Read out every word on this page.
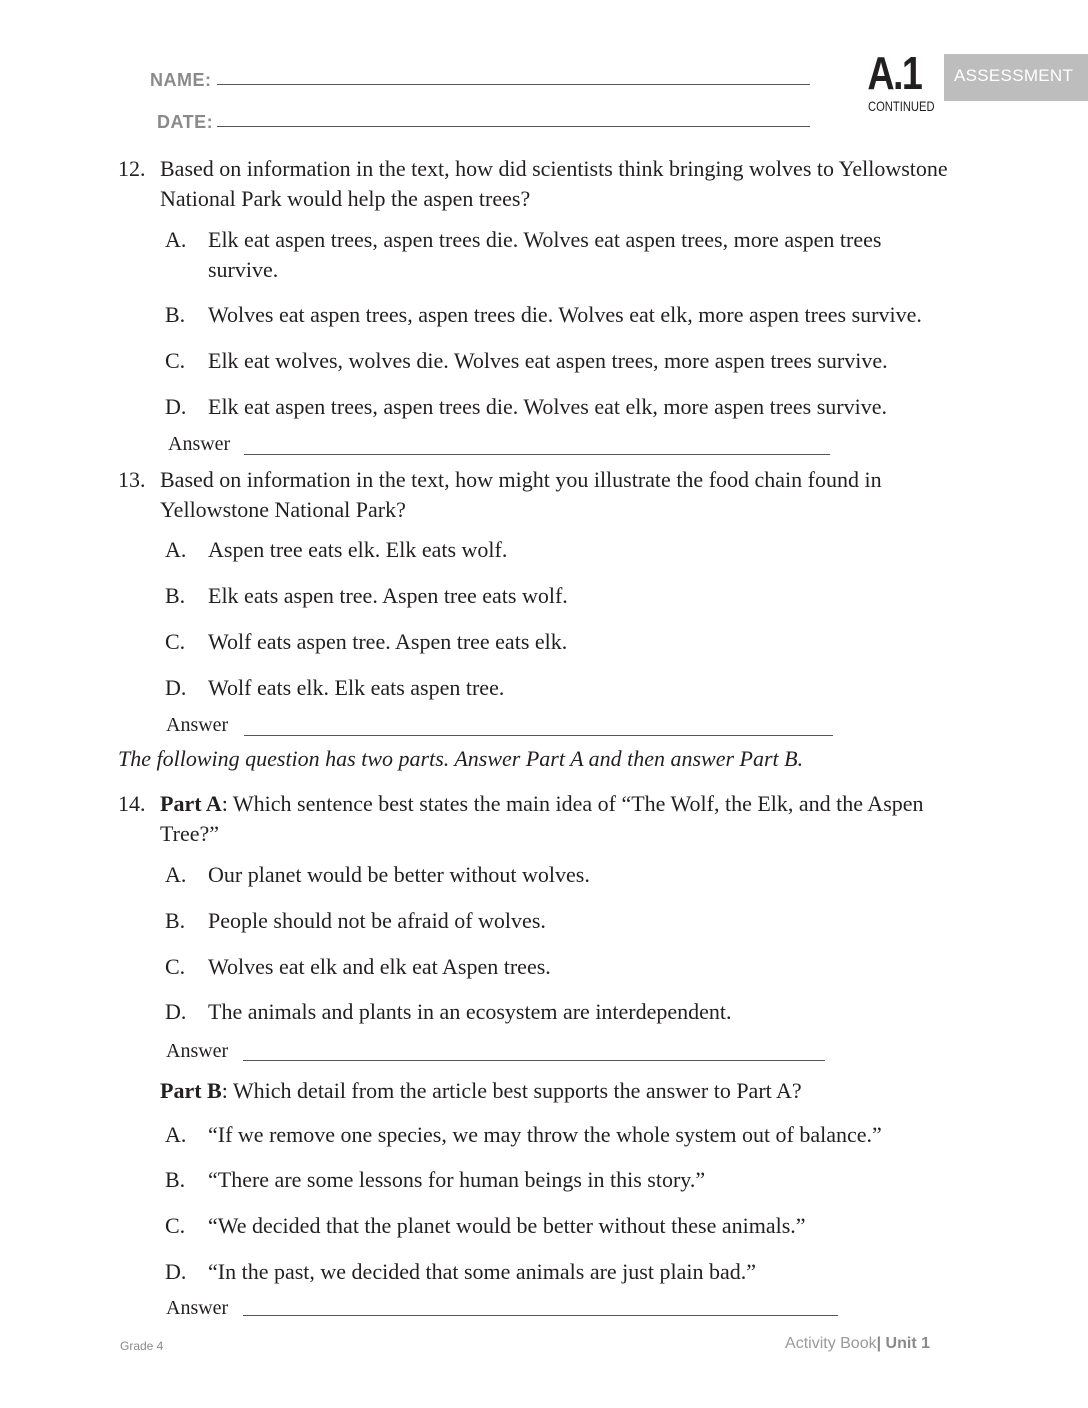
NAME:
DATE:
A.1
CONTINUED
ASSESSMENT
12. Based on information in the text, how did scientists think bringing wolves to Yellowstone National Park would help the aspen trees?
A. Elk eat aspen trees, aspen trees die. Wolves eat aspen trees, more aspen trees survive.
B. Wolves eat aspen trees, aspen trees die. Wolves eat elk, more aspen trees survive.
C. Elk eat wolves, wolves die. Wolves eat aspen trees, more aspen trees survive.
D. Elk eat aspen trees, aspen trees die. Wolves eat elk, more aspen trees survive.
Answer
13. Based on information in the text, how might you illustrate the food chain found in Yellowstone National Park?
A. Aspen tree eats elk. Elk eats wolf.
B. Elk eats aspen tree. Aspen tree eats wolf.
C. Wolf eats aspen tree. Aspen tree eats elk.
D. Wolf eats elk. Elk eats aspen tree.
Answer
The following question has two parts. Answer Part A and then answer Part B.
14. Part A: Which sentence best states the main idea of “The Wolf, the Elk, and the Aspen Tree?”
A. Our planet would be better without wolves.
B. People should not be afraid of wolves.
C. Wolves eat elk and elk eat Aspen trees.
D. The animals and plants in an ecosystem are interdependent.
Answer
Part B: Which detail from the article best supports the answer to Part A?
A. “If we remove one species, we may throw the whole system out of balance.”
B. “There are some lessons for human beings in this story.”
C. “We decided that the planet would be better without these animals.”
D. “In the past, we decided that some animals are just plain bad.”
Answer
Grade 4	Activity Book| Unit 1
